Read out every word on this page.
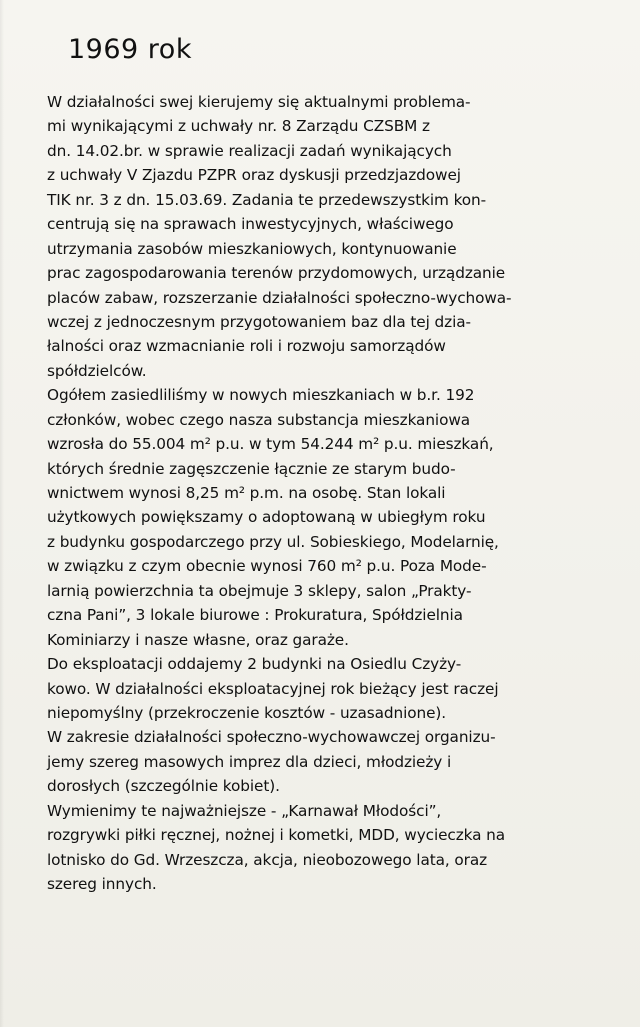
1969 rok
W działalności swej kierujemy się aktualnymi problema-
mi wynikającymi z uchwały nr. 8 Zarządu CZSBM z
dn. 14.02.br. w sprawie realizacji zadań wynikających
z uchwały V Zjazdu PZPR oraz dyskusji przedzjazdowej
TIK nr. 3 z dn. 15.03.69. Zadania te przedewszystkim kon-
centrują się na sprawach inwestycyjnych, właściwego
utrzymania zasobów mieszkaniowych, kontynuowanie
prac zagospodarowania terenów przydomowych, urządzanie
placów zabaw, rozszerzanie działalności społeczno-wychowa-
wczej z jednoczesnym przygotowaniem baz dla tej dzia-
łalności oraz wzmacnianie roli i rozwoju samorządów
spółdzielców.
Ogółem zasiedliliśmy w nowych mieszkaniach w b.r. 192
członków, wobec czego nasza substancja mieszkaniowa
wzrosła do 55.004 m² p.u. w tym 54.244 m² p.u. mieszkań,
których średnie zagęszczenie łącznie ze starym budo-
wnictwem wynosi 8,25 m² p.m. na osobę. Stan lokali
użytkowych powiększamy o adoptowaną w ubiegłym roku
z budynku gospodarczego przy ul. Sobieskiego, Modelarnię,
w związku z czym obecnie wynosi 760 m² p.u. Poza Mode-
larnią powierzchnia ta obejmuje 3 sklepy, salon „Prakty-
czna Pani”, 3 lokale biurowe : Prokuratura, Spółdzielnia
Kominiarzy i nasze własne, oraz garaże.
Do eksploatacji oddajemy 2 budynki na Osiedlu Czyży-
kowo. W działalności eksploatacyjnej rok bieżący jest raczej
niepomyślny (przekroczenie kosztów - uzasadnione).
W zakresie działalności społeczno-wychowawczej organizu-
jemy szereg masowych imprez dla dzieci, młodzieży i
dorosłych (szczególnie kobiet).
Wymienimy te najważniejsze - „Karnawał Młodości”,
rozgrywki piłki ręcznej, nożnej i kometki, MDD, wycieczka na
lotnisko do Gd. Wrzeszcza, akcja, nieobozowego lata, oraz
szereg innych.
